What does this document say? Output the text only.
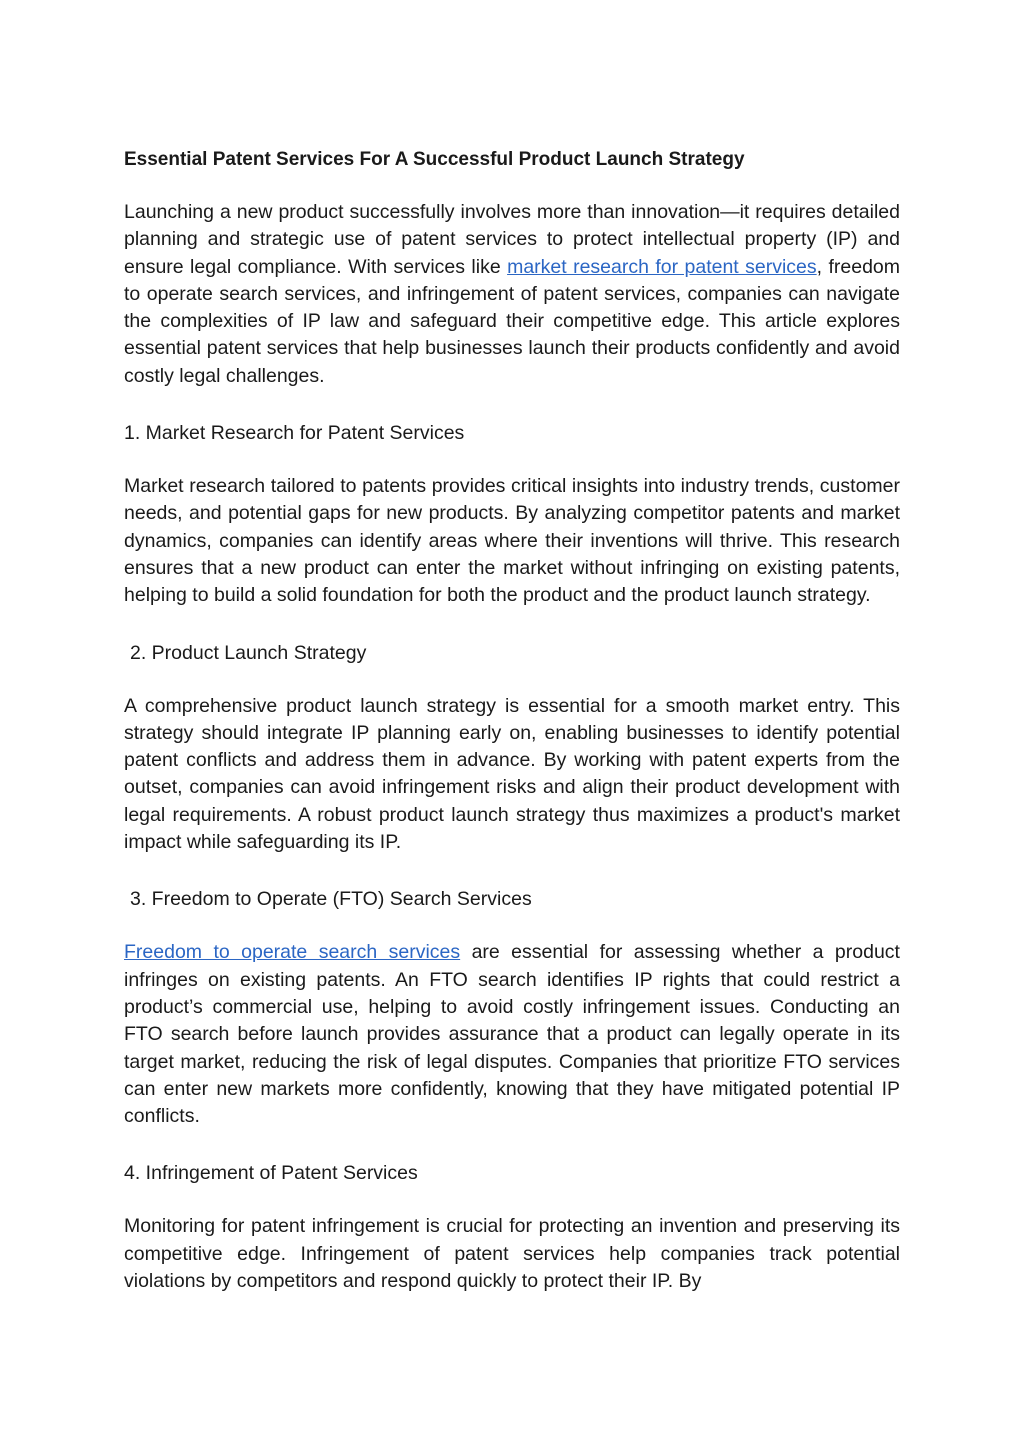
Essential Patent Services For A Successful Product Launch Strategy

Launching a new product successfully involves more than innovation—it requires detailed planning and strategic use of patent services to protect intellectual property (IP) and ensure legal compliance. With services like market research for patent services, freedom to operate search services, and infringement of patent services, companies can navigate the complexities of IP law and safeguard their competitive edge. This article explores essential patent services that help businesses launch their products confidently and avoid costly legal challenges.

1. Market Research for Patent Services

Market research tailored to patents provides critical insights into industry trends, customer needs, and potential gaps for new products. By analyzing competitor patents and market dynamics, companies can identify areas where their inventions will thrive. This research ensures that a new product can enter the market without infringing on existing patents, helping to build a solid foundation for both the product and the product launch strategy.

2. Product Launch Strategy

A comprehensive product launch strategy is essential for a smooth market entry. This strategy should integrate IP planning early on, enabling businesses to identify potential patent conflicts and address them in advance. By working with patent experts from the outset, companies can avoid infringement risks and align their product development with legal requirements. A robust product launch strategy thus maximizes a product's market impact while safeguarding its IP.

3. Freedom to Operate (FTO) Search Services

Freedom to operate search services are essential for assessing whether a product infringes on existing patents. An FTO search identifies IP rights that could restrict a product’s commercial use, helping to avoid costly infringement issues. Conducting an FTO search before launch provides assurance that a product can legally operate in its target market, reducing the risk of legal disputes. Companies that prioritize FTO services can enter new markets more confidently, knowing that they have mitigated potential IP conflicts.

4. Infringement of Patent Services

Monitoring for patent infringement is crucial for protecting an invention and preserving its competitive edge. Infringement of patent services help companies track potential violations by competitors and respond quickly to protect their IP. By
